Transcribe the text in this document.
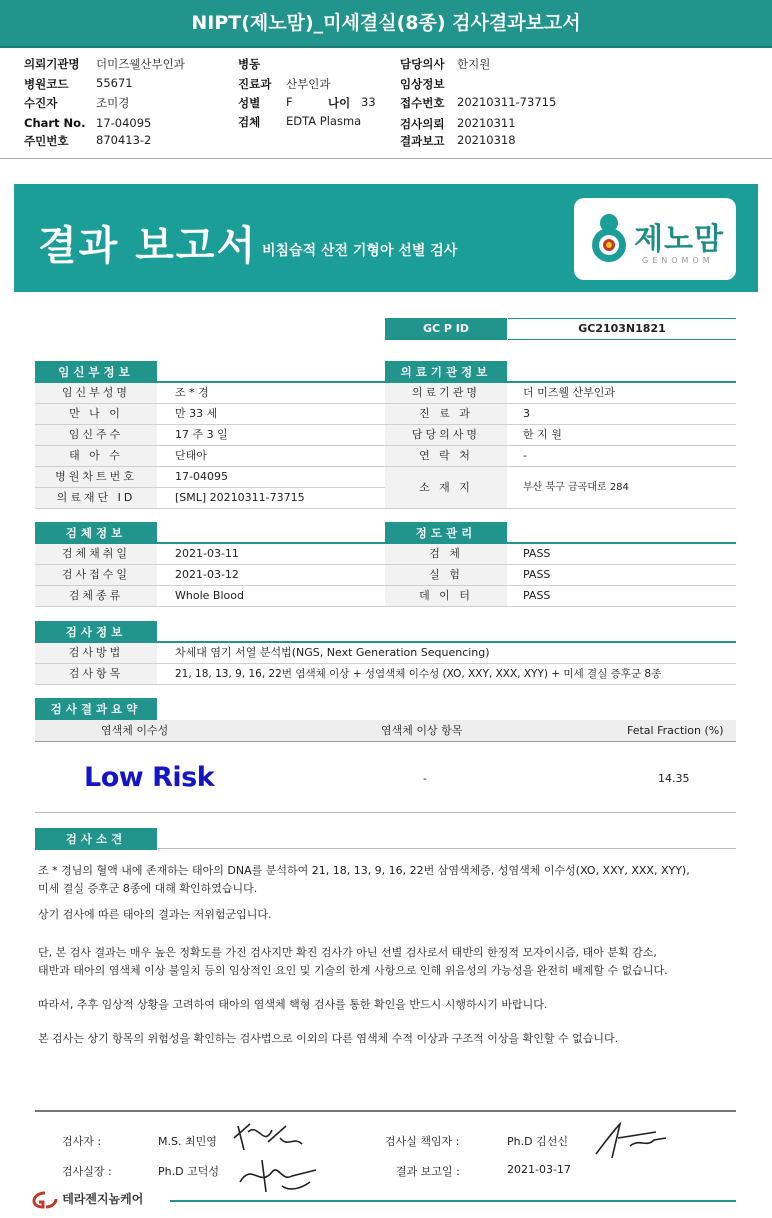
NIPT(제노맘)_미세결실(8종) 검사결과보고서
의뢰기관명 더미즈웰산부인과
병원코드 55671
수진자	조미경
Chart No. 17-04095
주민번호 870413-2
병동
진료과 산부인과
성별 F	나이 33
검체 EDTA Plasma
담당의사 한지원
임상정보
접수번호 20210311-73715
검사의뢰 20210311
결과보고 20210318
결과 보고서 비침습적 산전 기형아 선별 검사	제노맘
GENOMOM
GC P ID	GC2103N1821
임신부정보
임신부성명	조 * 경
만 나 이	만 33 세
임신주수	17 주 3 일
태 아 수	단태아
병원차트번호	17-04095
의료재단 ID	[SML] 20210311-73715
의료기관정보
의료기관명	더 미즈웰 산부인과
진 료 과	3
담당의사명	한 지 원
연 락 처	-
소 재 지	부산 북구 금곡대로 284
검체정보
검체채취일	2021-03-11
검사접수일	2021-03-12
검체종류	Whole Blood
정도관리
검 체	PASS
실 험	PASS
데 이 터	PASS
검사정보
검사방법	차세대 염기 서열 분석법(NGS, Next Generation Sequencing)
검사항목	21, 18, 13, 9, 16, 22번 염색체 이상 + 성염색체 이수성 (XO, XXY, XXX, XYY) + 미세 결실 증후군 8종
검사결과요약
염색체 이수성	염색체 이상 항목	Fetal Fraction (%)
Low Risk	-	14.35
검사소견
조 * 경님의 혈액 내에 존재하는 태아의 DNA를 분석하여 21, 18, 13, 9, 16, 22번 삼염색체증, 성염색체 이수성(XO, XXY, XXX, XYY),
미세 결실 증후군 8종에 대해 확인하였습니다.
상기 검사에 따른 태아의 결과는 저위험군입니다.
단, 본 검사 결과는 매우 높은 정확도를 가진 검사지만 확진 검사가 아닌 선별 검사로서 태반의 한정적 모자이시즘, 태아 분획 감소,
태반과 태아의 염색체 이상 불일치 등의 임상적인 요인 및 기술의 한계 사항으로 인해 위음성의 가능성을 완전히 배제할 수 없습니다.
따라서, 추후 임상적 상황을 고려하여 태아의 염색체 핵형 검사를 통한 확인을 반드시 시행하시기 바랍니다.
본 검사는 상기 항목의 위험성을 확인하는 검사법으로 이외의 다른 염색체 수적 이상과 구조적 이상을 확인할 수 없습니다.
검사자 :	M.S. 최민영
검사실장 :	Ph.D 고덕성
검사실 책임자 :	Ph.D 김선신
결과 보고일 :	2021-03-17
테라젠지놈케어
